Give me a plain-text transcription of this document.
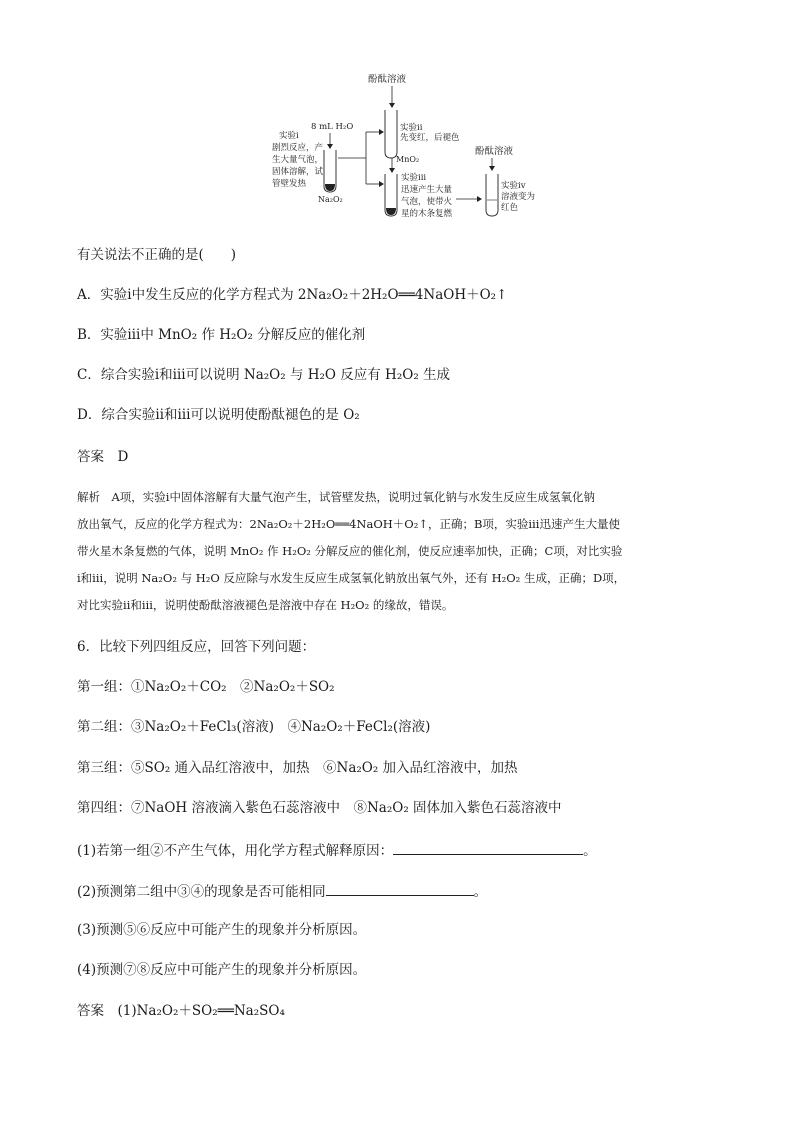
酚酞溶液
实验ii 先变红，后褪色
8 mL H₂O
Na₂O₂
实验i 剧烈反应，产 生大量气泡， 固体溶解，试 管壁发热
MnO₂
实验iii 迅速产生大量 气泡，使带火 星的木条复燃
酚酞溶液
实验iv 溶液变为 红色
有关说法不正确的是(　　)
A．实验ⅰ中发生反应的化学方程式为 2Na₂O₂＋2H₂O══4NaOH＋O₂↑
B．实验ⅲ中 MnO₂ 作 H₂O₂ 分解反应的催化剂
C．综合实验ⅰ和ⅲ可以说明 Na₂O₂ 与 H₂O 反应有 H₂O₂ 生成
D．综合实验ⅱ和ⅲ可以说明使酚酞褪色的是 O₂
答案　D
解析　A项，实验ⅰ中固体溶解有大量气泡产生，试管壁发热，说明过氧化钠与水发生反应生成氢氧化钠
放出氧气，反应的化学方程式为：2Na₂O₂＋2H₂O══4NaOH＋O₂↑，正确；B项，实验ⅲ迅速产生大量使
带火星木条复燃的气体，说明 MnO₂ 作 H₂O₂ 分解反应的催化剂，使反应速率加快，正确；C项，对比实验
ⅰ和ⅲ，说明 Na₂O₂ 与 H₂O 反应除与水发生反应生成氢氧化钠放出氧气外，还有 H₂O₂ 生成，正确；D项，
对比实验ⅱ和ⅲ，说明使酚酞溶液褪色是溶液中存在 H₂O₂ 的缘故，错误。
6．比较下列四组反应，回答下列问题：
第一组：①Na₂O₂＋CO₂　②Na₂O₂＋SO₂
第二组：③Na₂O₂＋FeCl₃(溶液)　④Na₂O₂＋FeCl₂(溶液)
第三组：⑤SO₂ 通入品红溶液中，加热　⑥Na₂O₂ 加入品红溶液中，加热
第四组：⑦NaOH 溶液滴入紫色石蕊溶液中　⑧Na₂O₂ 固体加入紫色石蕊溶液中
(1)若第一组②不产生气体，用化学方程式解释原因：	。
(2)预测第二组中③④的现象是否可能相同	。
(3)预测⑤⑥反应中可能产生的现象并分析原因。
(4)预测⑦⑧反应中可能产生的现象并分析原因。
答案　(1)Na₂O₂＋SO₂══Na₂SO₄
